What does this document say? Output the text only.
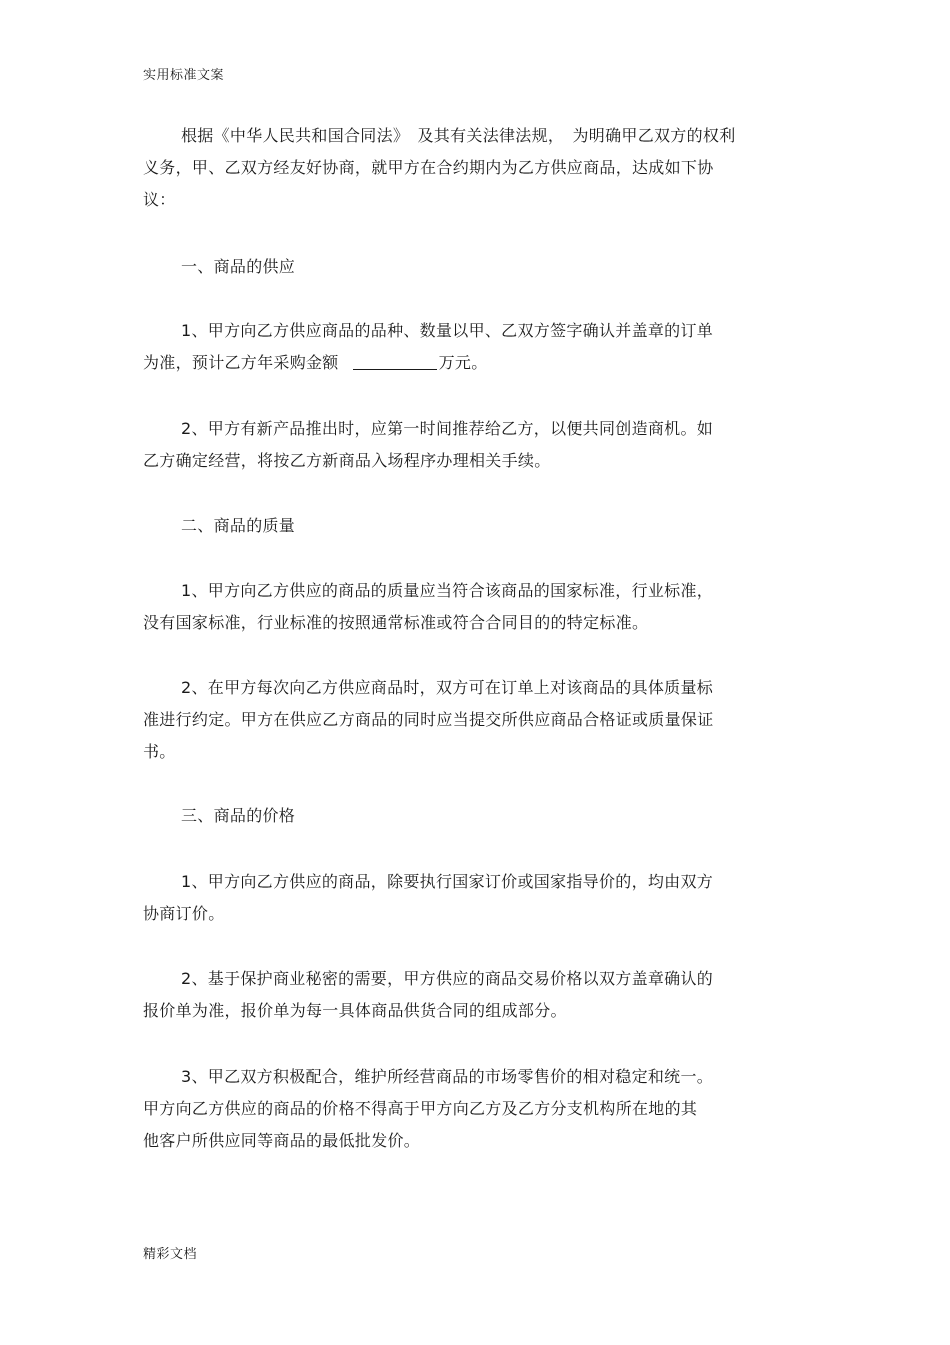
实用标准文案
根据《中华人民共和国合同法》　及其有关法律法规，　为明确甲乙双方的权利
义务，甲、乙双方经友好协商，就甲方在合约期内为乙方供应商品，达成如下协
议：
一、商品的供应
1、甲方向乙方供应商品的品种、数量以甲、乙双方签字确认并盖章的订单
为准，预计乙方年采购金额	万元。
2、甲方有新产品推出时，应第一时间推荐给乙方，以便共同创造商机。如
乙方确定经营，将按乙方新商品入场程序办理相关手续。
二、商品的质量
1、甲方向乙方供应的商品的质量应当符合该商品的国家标准，行业标准，
没有国家标准，行业标准的按照通常标准或符合合同目的的特定标准。
2、在甲方每次向乙方供应商品时，双方可在订单上对该商品的具体质量标
准进行约定。甲方在供应乙方商品的同时应当提交所供应商品合格证或质量保证
书。
三、商品的价格
1、甲方向乙方供应的商品，除要执行国家订价或国家指导价的，均由双方
协商订价。
2、基于保护商业秘密的需要，甲方供应的商品交易价格以双方盖章确认的
报价单为准，报价单为每一具体商品供货合同的组成部分。
3、甲乙双方积极配合，维护所经营商品的市场零售价的相对稳定和统一。
甲方向乙方供应的商品的价格不得高于甲方向乙方及乙方分支机构所在地的其
他客户所供应同等商品的最低批发价。
精彩文档
